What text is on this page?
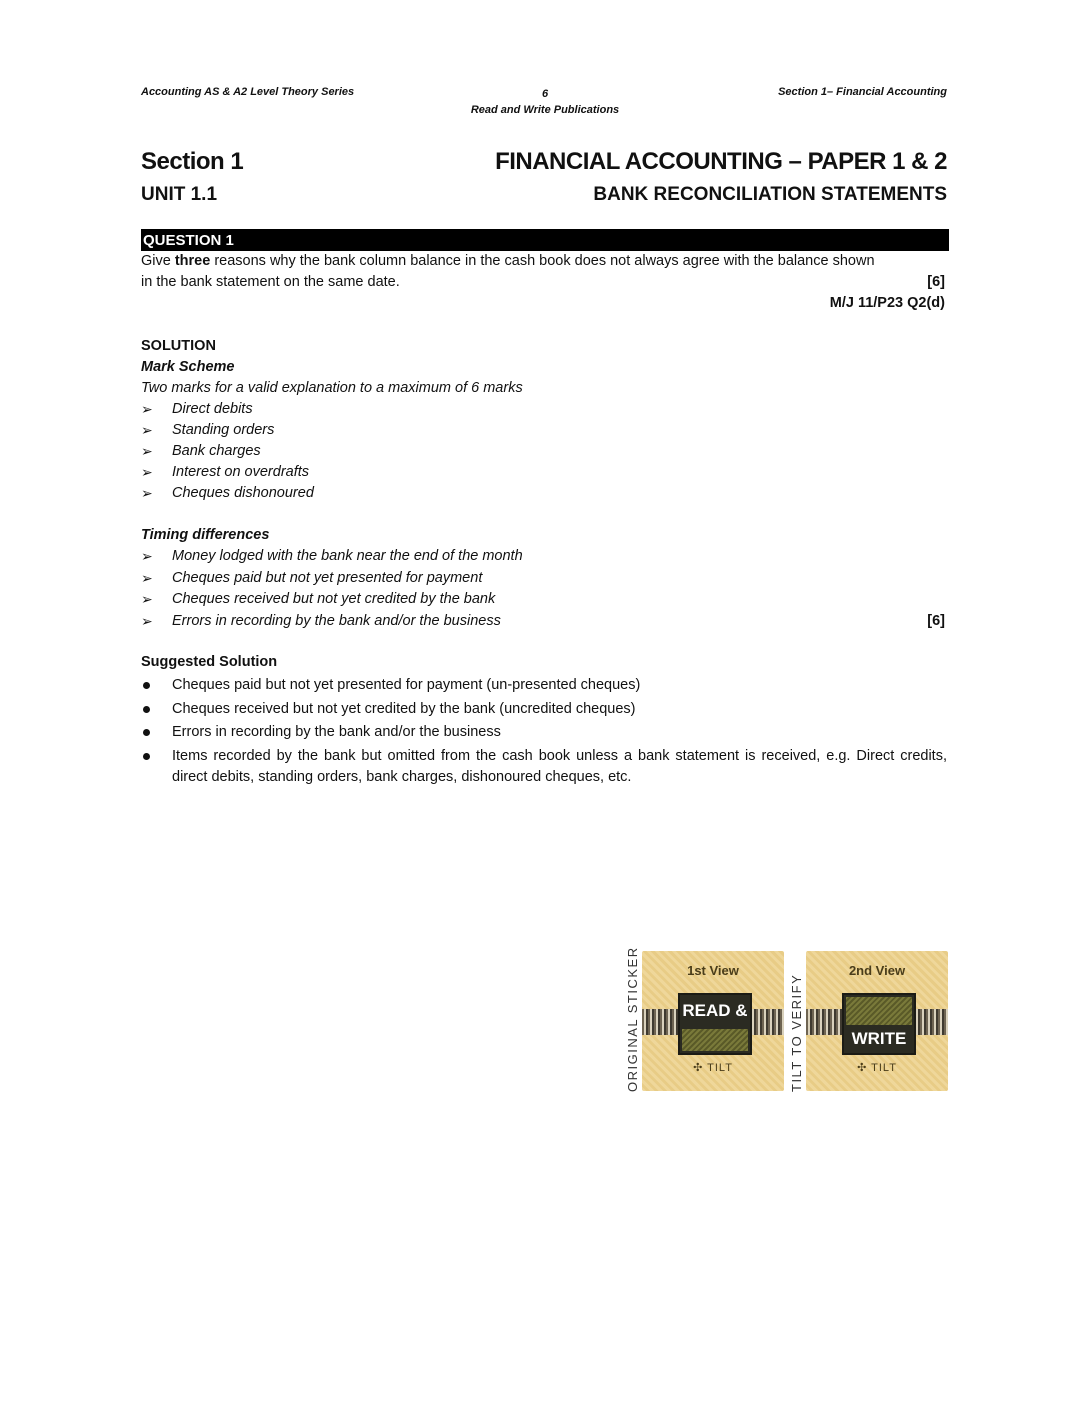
Accounting AS & A2 Level Theory Series	6
Read and Write Publications
Section 1– Financial Accounting
Section 1	FINANCIAL ACCOUNTING – PAPER 1 & 2
UNIT 1.1	BANK RECONCILIATION STATEMENTS
QUESTION 1
Give three reasons why the bank column balance in the cash book does not always agree with the balance shown
in the bank statement on the same date.	[6]
M/J 11/P23 Q2(d)
SOLUTION
Mark Scheme
Two marks for a valid explanation to a maximum of 6 marks
➢ Direct debits
➢ Standing orders
➢ Bank charges
➢ Interest on overdrafts
➢ Cheques dishonoured
Timing differences
➢ Money lodged with the bank near the end of the month
➢ Cheques paid but not yet presented for payment
➢ Cheques received but not yet credited by the bank
➢ Errors in recording by the bank and/or the business	[6]
Suggested Solution
Cheques paid but not yet presented for payment (un-presented cheques)
Cheques received but not yet credited by the bank (uncredited cheques)
Errors in recording by the bank and/or the business
Items recorded by the bank but omitted from the cash book unless a bank statement is received, e.g. Direct credits, direct debits, standing orders, bank charges, dishonoured cheques, etc.
ORIGINAL STICKER	1st View
READ &
✣ TILT	TILT TO VERIFY
2nd View
WRITE
✣ TILT
